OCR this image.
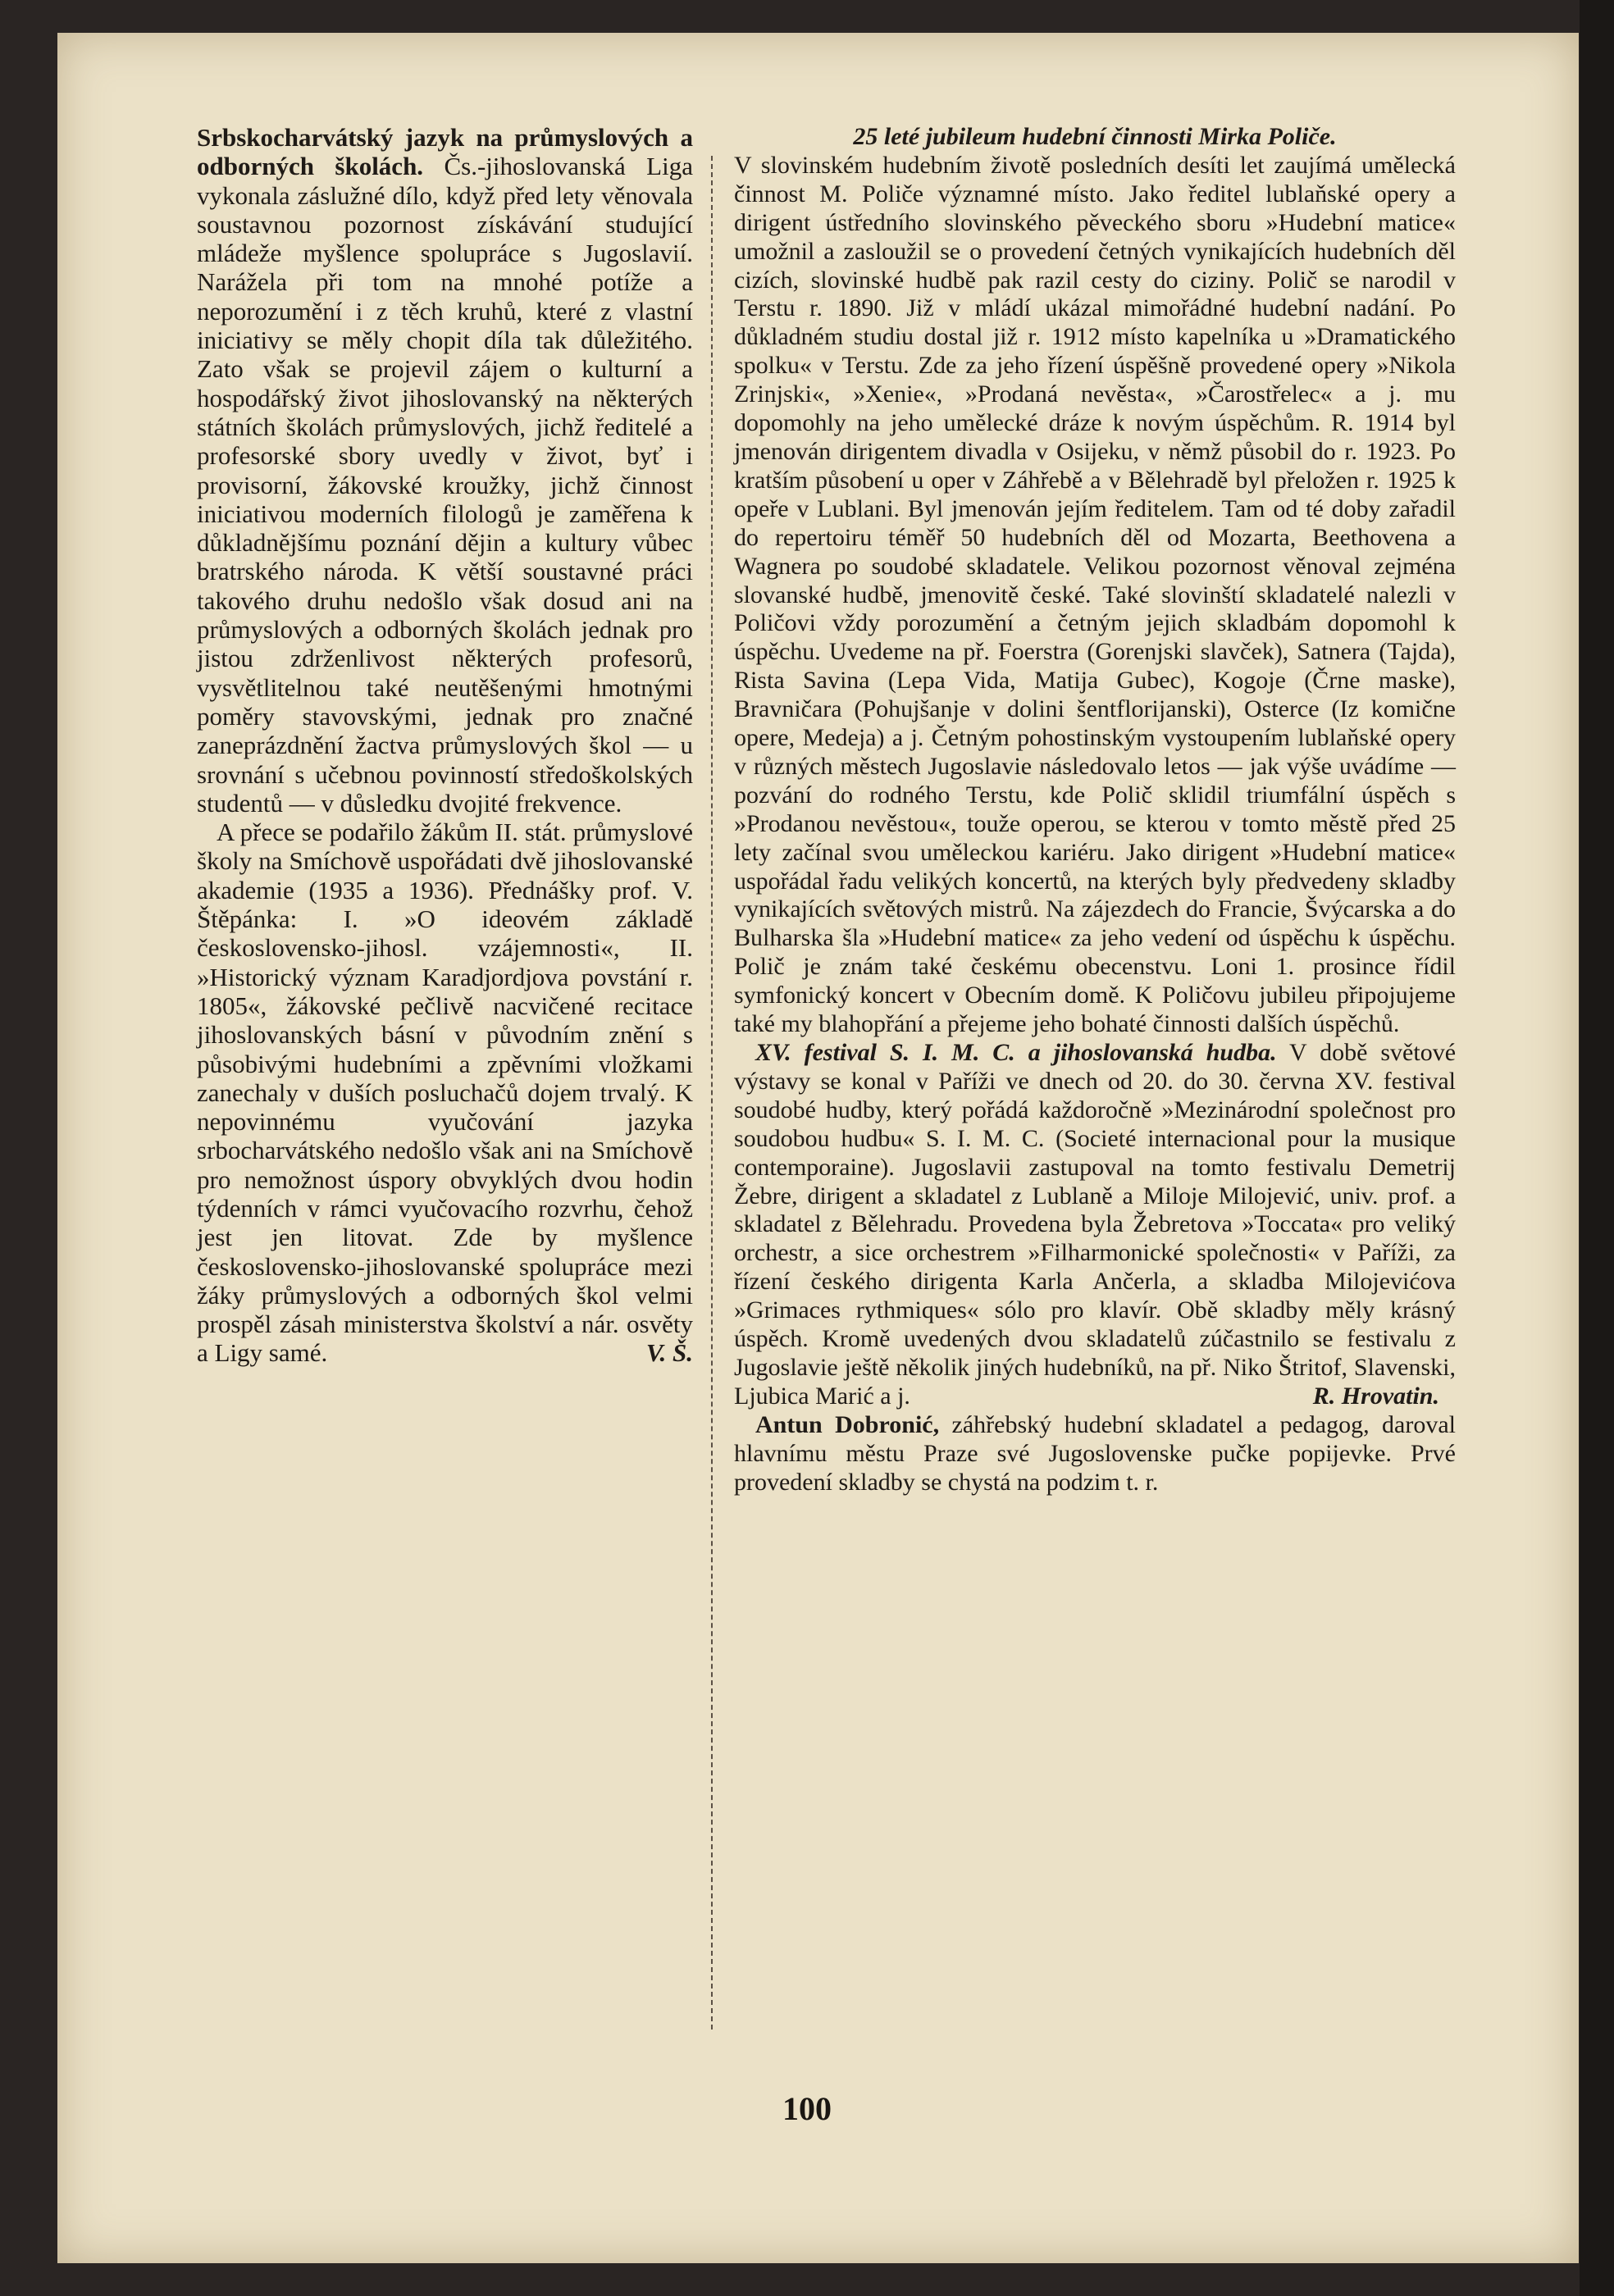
Srbskocharvátský jazyk na průmyslových a odborných školách. Čs.-jihoslovanská Liga vykonala záslužné dílo, když před lety věnovala soustavnou pozornost získávání studující mládeže myšlence spolupráce s Jugoslavií. Narážela při tom na mnohé potíže a neporozumění i z těch kruhů, které z vlastní iniciativy se měly chopit díla tak důležitého. Zato však se projevil zájem o kulturní a hospodářský život jihoslovanský na některých státních školách průmyslových, jichž ředitelé a profesorské sbory uvedly v život, byť i provisorní, žákovské kroužky, jichž činnost iniciativou moderních filologů je zaměřena k důkladnějšímu poznání dějin a kultury vůbec bratrského národa. K větší soustavné práci takového druhu nedošlo však dosud ani na průmyslových a odborných školách jednak pro jistou zdrženlivost některých profesorů, vysvětlitelnou také neutěšenými hmotnými poměry stavovskými, jednak pro značné zaneprázdnění žactva průmyslových škol — u srovnání s učebnou povinností středoškolských studentů — v důsledku dvojité frekvence.

A přece se podařilo žákům II. stát. průmyslové školy na Smíchově uspořádati dvě jihoslovanské akademie (1935 a 1936). Přednášky prof. V. Štěpánka: I. »O ideovém základě československo-jihosl. vzájemnosti«, II. »Historický význam Karadjordjova povstání r. 1805«, žákovské pečlivě nacvičené recitace jihoslovanských básní v původním znění s působivými hudebními a zpěvními vložkami zanechaly v duších posluchačů dojem trvalý. K nepovinnému vyučování jazyka srbocharvátského nedošlo však ani na Smíchově pro nemožnost úspory obvyklých dvou hodin týdenních v rámci vyučovacího rozvrhu, čehož jest jen litovat. Zde by myšlence československo-jihoslovanské spolupráce mezi žáky průmyslových a odborných škol velmi prospěl zásah ministerstva školství a nár. osvěty a Ligy samé.	V. Š.

25 leté jubileum hudební činnosti Mirka Poliče.

V slovinském hudebním životě posledních desíti let zaujímá umělecká činnost M. Poliče významné místo. Jako ředitel lublaňské opery a dirigent ústředního slovinského pěveckého sboru »Hudební matice« umožnil a zasloužil se o provedení četných vynikajících hudebních děl cizích, slovinské hudbě pak razil cesty do ciziny. Polič se narodil v Terstu r. 1890. Již v mládí ukázal mimořádné hudební nadání. Po důkladném studiu dostal již r. 1912 místo kapelníka u »Dramatického spolku« v Terstu. Zde za jeho řízení úspěšně provedené opery »Nikola Zrinjski«, »Xenie«, »Prodaná nevěsta«, »Čarostřelec« a j. mu dopomohly na jeho umělecké dráze k novým úspěchům. R. 1914 byl jmenován dirigentem divadla v Osijeku, v němž působil do r. 1923. Po kratším působení u oper v Záhřebě a v Bělehradě byl přeložen r. 1925 k opeře v Lublani. Byl jmenován jejím ředitelem. Tam od té doby zařadil do repertoiru téměř 50 hudebních děl od Mozarta, Beethovena a Wagnera po soudobé skladatele. Velikou pozornost věnoval zejména slovanské hudbě, jmenovitě české. Také slovinští skladatelé nalezli v Poličovi vždy porozumění a četným jejich skladbám dopomohl k úspěchu. Uvedeme na př. Foerstra (Gorenjski slavček), Satnera (Tajda), Rista Savina (Lepa Vida, Matija Gubec), Kogoje (Črne maske), Bravničara (Pohujšanje v dolini šentflorijanski), Osterce (Iz komične opere, Medeja) a j. Četným pohostinským vystoupením lublaňské opery v různých městech Jugoslavie následovalo letos — jak výše uvádíme — pozvání do rodného Terstu, kde Polič sklidil triumfální úspěch s »Prodanou nevěstou«, touže operou, se kterou v tomto městě před 25 lety začínal svou uměleckou kariéru. Jako dirigent »Hudební matice« uspořádal řadu velikých koncertů, na kterých byly předvedeny skladby vynikajících světových mistrů. Na zájezdech do Francie, Švýcarska a do Bulharska šla »Hudební matice« za jeho vedení od úspěchu k úspěchu. Polič je znám také českému obecenstvu. Loni 1. prosince řídil symfonický koncert v Obecním domě. K Poličovu jubileu připojujeme také my blahopřání a přejeme jeho bohaté činnosti dalších úspěchů.

XV. festival S. I. M. C. a jihoslovanská hudba. V době světové výstavy se konal v Paříži ve dnech od 20. do 30. června XV. festival soudobé hudby, který pořádá každoročně »Mezinárodní společnost pro soudobou hudbu« S. I. M. C. (Societé internacional pour la musique contemporaine). Jugoslavii zastupoval na tomto festivalu Demetrij Žebre, dirigent a skladatel z Lublaně a Miloje Milojević, univ. prof. a skladatel z Bělehradu. Provedena byla Žebretova »Toccata« pro veliký orchestr, a sice orchestrem »Filharmonické společnosti« v Paříži, za řízení českého dirigenta Karla Ančerla, a skladba Milojevićova »Grimaces rythmiques« sólo pro klavír. Obě skladby měly krásný úspěch. Kromě uvedených dvou skladatelů zúčastnilo se festivalu z Jugoslavie ještě několik jiných hudebníků, na př. Niko Štritof, Slavenski, Ljubica Marić a j.	R. Hrovatin.

Antun Dobronić, záhřebský hudební skladatel a pedagog, daroval hlavnímu městu Praze své Jugoslovenske pučke popijevke. Prvé provedení skladby se chystá na podzim t. r.

100
